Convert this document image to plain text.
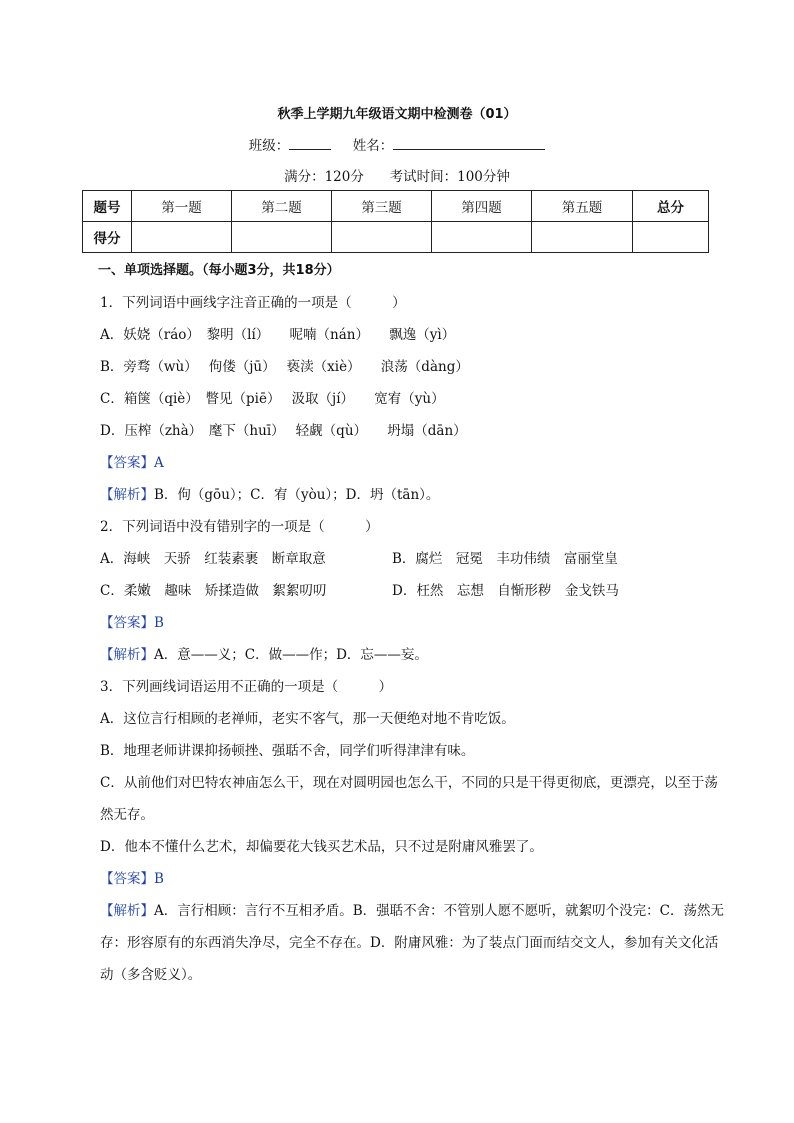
秋季上学期九年级语文期中检测卷（01）
班级：	姓名：
满分：120分 考试时间：100分钟
题号	第一题	第二题	第三题	第四题	第五题	总分
得分						
一、单项选择题。（每小题3分，共18分）
1．下列词语中画线字注音正确的一项是（　　　）
A．妖娆（ráo）　黎明（lí）　　呢喃（nán）　　飘逸（yì）
B．旁骛（wù）　 佝偻（jū）　 亵渎（xiè）　　浪荡（dàng）
C．箱箧（qiè）　瞥见（piē）　 汲取（jí）　　宽宥（yù）
D．压榨（zhà）　麾下（huī）　 轻觑（qù）　　坍塌（dān）
【答案】A
【解析】B．佝（gōu）；C．宥（yòu）；D．坍（tān）。
2．下列词语中没有错别字的一项是（　　　）
A．海峡　天骄　红装素裹　断章取意	B．腐烂　冠冕　丰功伟绩　富丽堂皇
C．柔嫩　趣味　矫揉造做　絮絮叨叨	D．枉然　忘想　自惭形秽　金戈铁马
【答案】B
【解析】A．意——义；C．做——作；D．忘——妄。
3．下列画线词语运用不正确的一项是（　　　）
A．这位言行相顾的老禅师，老实不客气，那一天便绝对地不肯吃饭。
B．地理老师讲课抑扬顿挫、强聒不舍，同学们听得津津有味。
C．从前他们对巴特农神庙怎么干，现在对圆明园也怎么干，不同的只是干得更彻底，更漂亮，以至于荡然无存。
D．他本不懂什么艺术，却偏要花大钱买艺术品，只不过是附庸风雅罢了。
【答案】B
【解析】A．言行相顾：言行不互相矛盾。B．强聒不舍：不管别人愿不愿听，就絮叨个没完：C．荡然无存：形容原有的东西消失净尽，完全不存在。D．附庸风雅：为了装点门面而结交文人，参加有关文化活动（多含贬义）。
